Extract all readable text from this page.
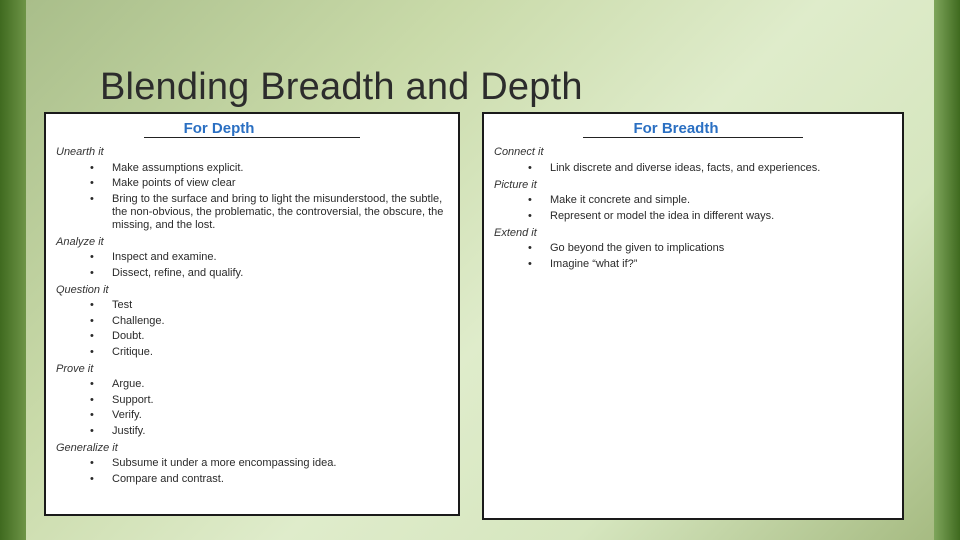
Blending Breadth and Depth
For Depth
Unearth it
• Make assumptions explicit.
• Make points of view clear
• Bring to the surface and bring to light the misunderstood, the subtle, the non-obvious, the problematic, the controversial, the obscure, the missing, and the lost.
Analyze it
• Inspect and examine.
• Dissect, refine, and qualify.
Question it
• Test
• Challenge.
• Doubt.
• Critique.
Prove it
• Argue.
• Support.
• Verify.
• Justify.
Generalize it
• Subsume it under a more encompassing idea.
• Compare and contrast.
For Breadth
Connect it
• Link discrete and diverse ideas, facts, and experiences.
Picture it
• Make it concrete and simple.
• Represent or model the idea in different ways.
Extend it
• Go beyond the given to implications
• Imagine “what if?”
